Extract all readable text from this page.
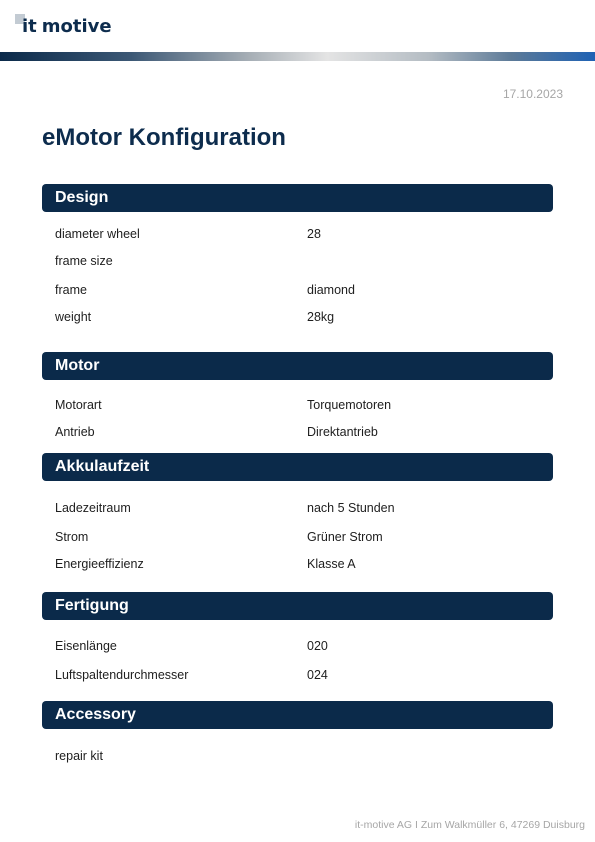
it motive
17.10.2023
eMotor Konfiguration
Design
diameter wheel	28
frame size
frame	diamond
weight	28kg
Motor
Motorart	Torquemotoren
Antrieb	Direktantrieb
Akkulaufzeit
Ladezeitraum	nach 5 Stunden
Strom	Grüner Strom
Energieeffizienz	Klasse A
Fertigung
Eisenlänge	020
Luftspaltendurchmesser	024
Accessory
repair kit
it-motive AG I Zum Walkmüller 6, 47269 Duisburg
